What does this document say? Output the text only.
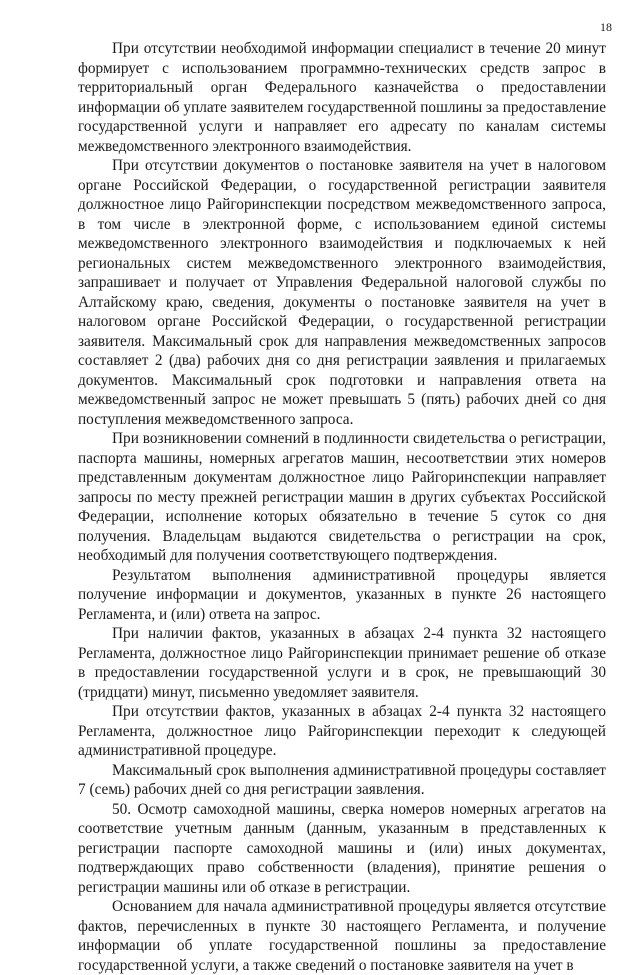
18

При отсутствии необходимой информации специалист в течение 20 минут формирует с использованием программно-технических средств запрос в территориальный орган Федерального казначейства о предоставлении информации об уплате заявителем государственной пошлины за предоставление государственной услуги и направляет его адресату по каналам системы межведомственного электронного взаимодействия.

При отсутствии документов о постановке заявителя на учет в налоговом органе Российской Федерации, о государственной регистрации заявителя должностное лицо Райгоринспекции посредством межведомственного запроса, в том числе в электронной форме, с использованием единой системы межведомственного электронного взаимодействия и подключаемых к ней региональных систем межведомственного электронного взаимодействия, запрашивает и получает от Управления Федеральной налоговой службы по Алтайскому краю, сведения, документы о постановке заявителя на учет в налоговом органе Российской Федерации, о государственной регистрации заявителя. Максимальный срок для направления межведомственных запросов составляет 2 (два) рабочих дня со дня регистрации заявления и прилагаемых документов. Максимальный срок подготовки и направления ответа на межведомственный запрос не может превышать 5 (пять) рабочих дней со дня поступления межведомственного запроса.

При возникновении сомнений в подлинности свидетельства о регистрации, паспорта машины, номерных агрегатов машин, несоответствии этих номеров представленным документам должностное лицо Райгоринспекции направляет запросы по месту прежней регистрации машин в других субъектах Российской Федерации, исполнение которых обязательно в течение 5 суток со дня получения. Владельцам выдаются свидетельства о регистрации на срок, необходимый для получения соответствующего подтверждения.

Результатом выполнения административной процедуры является получение информации и документов, указанных в пункте 26 настоящего Регламента, и (или) ответа на запрос.

При наличии фактов, указанных в абзацах 2-4 пункта 32 настоящего Регламента, должностное лицо Райгоринспекции принимает решение об отказе в предоставлении государственной услуги и в срок, не превышающий 30 (тридцати) минут, письменно уведомляет заявителя.

При отсутствии фактов, указанных в абзацах 2-4 пункта 32 настоящего Регламента, должностное лицо Райгоринспекции переходит к следующей административной процедуре.

Максимальный срок выполнения административной процедуры составляет 7 (семь) рабочих дней со дня регистрации заявления.

50. Осмотр самоходной машины, сверка номеров номерных агрегатов на соответствие учетным данным (данным, указанным в представленных к регистрации паспорте самоходной машины и (или) иных документах, подтверждающих право собственности (владения), принятие решения о регистрации машины или об отказе в регистрации.

Основанием для начала административной процедуры является отсутствие фактов, перечисленных в пункте 30 настоящего Регламента, и получение информации об уплате государственной пошлины за предоставление государственной услуги, а также сведений о постановке заявителя на учет в
